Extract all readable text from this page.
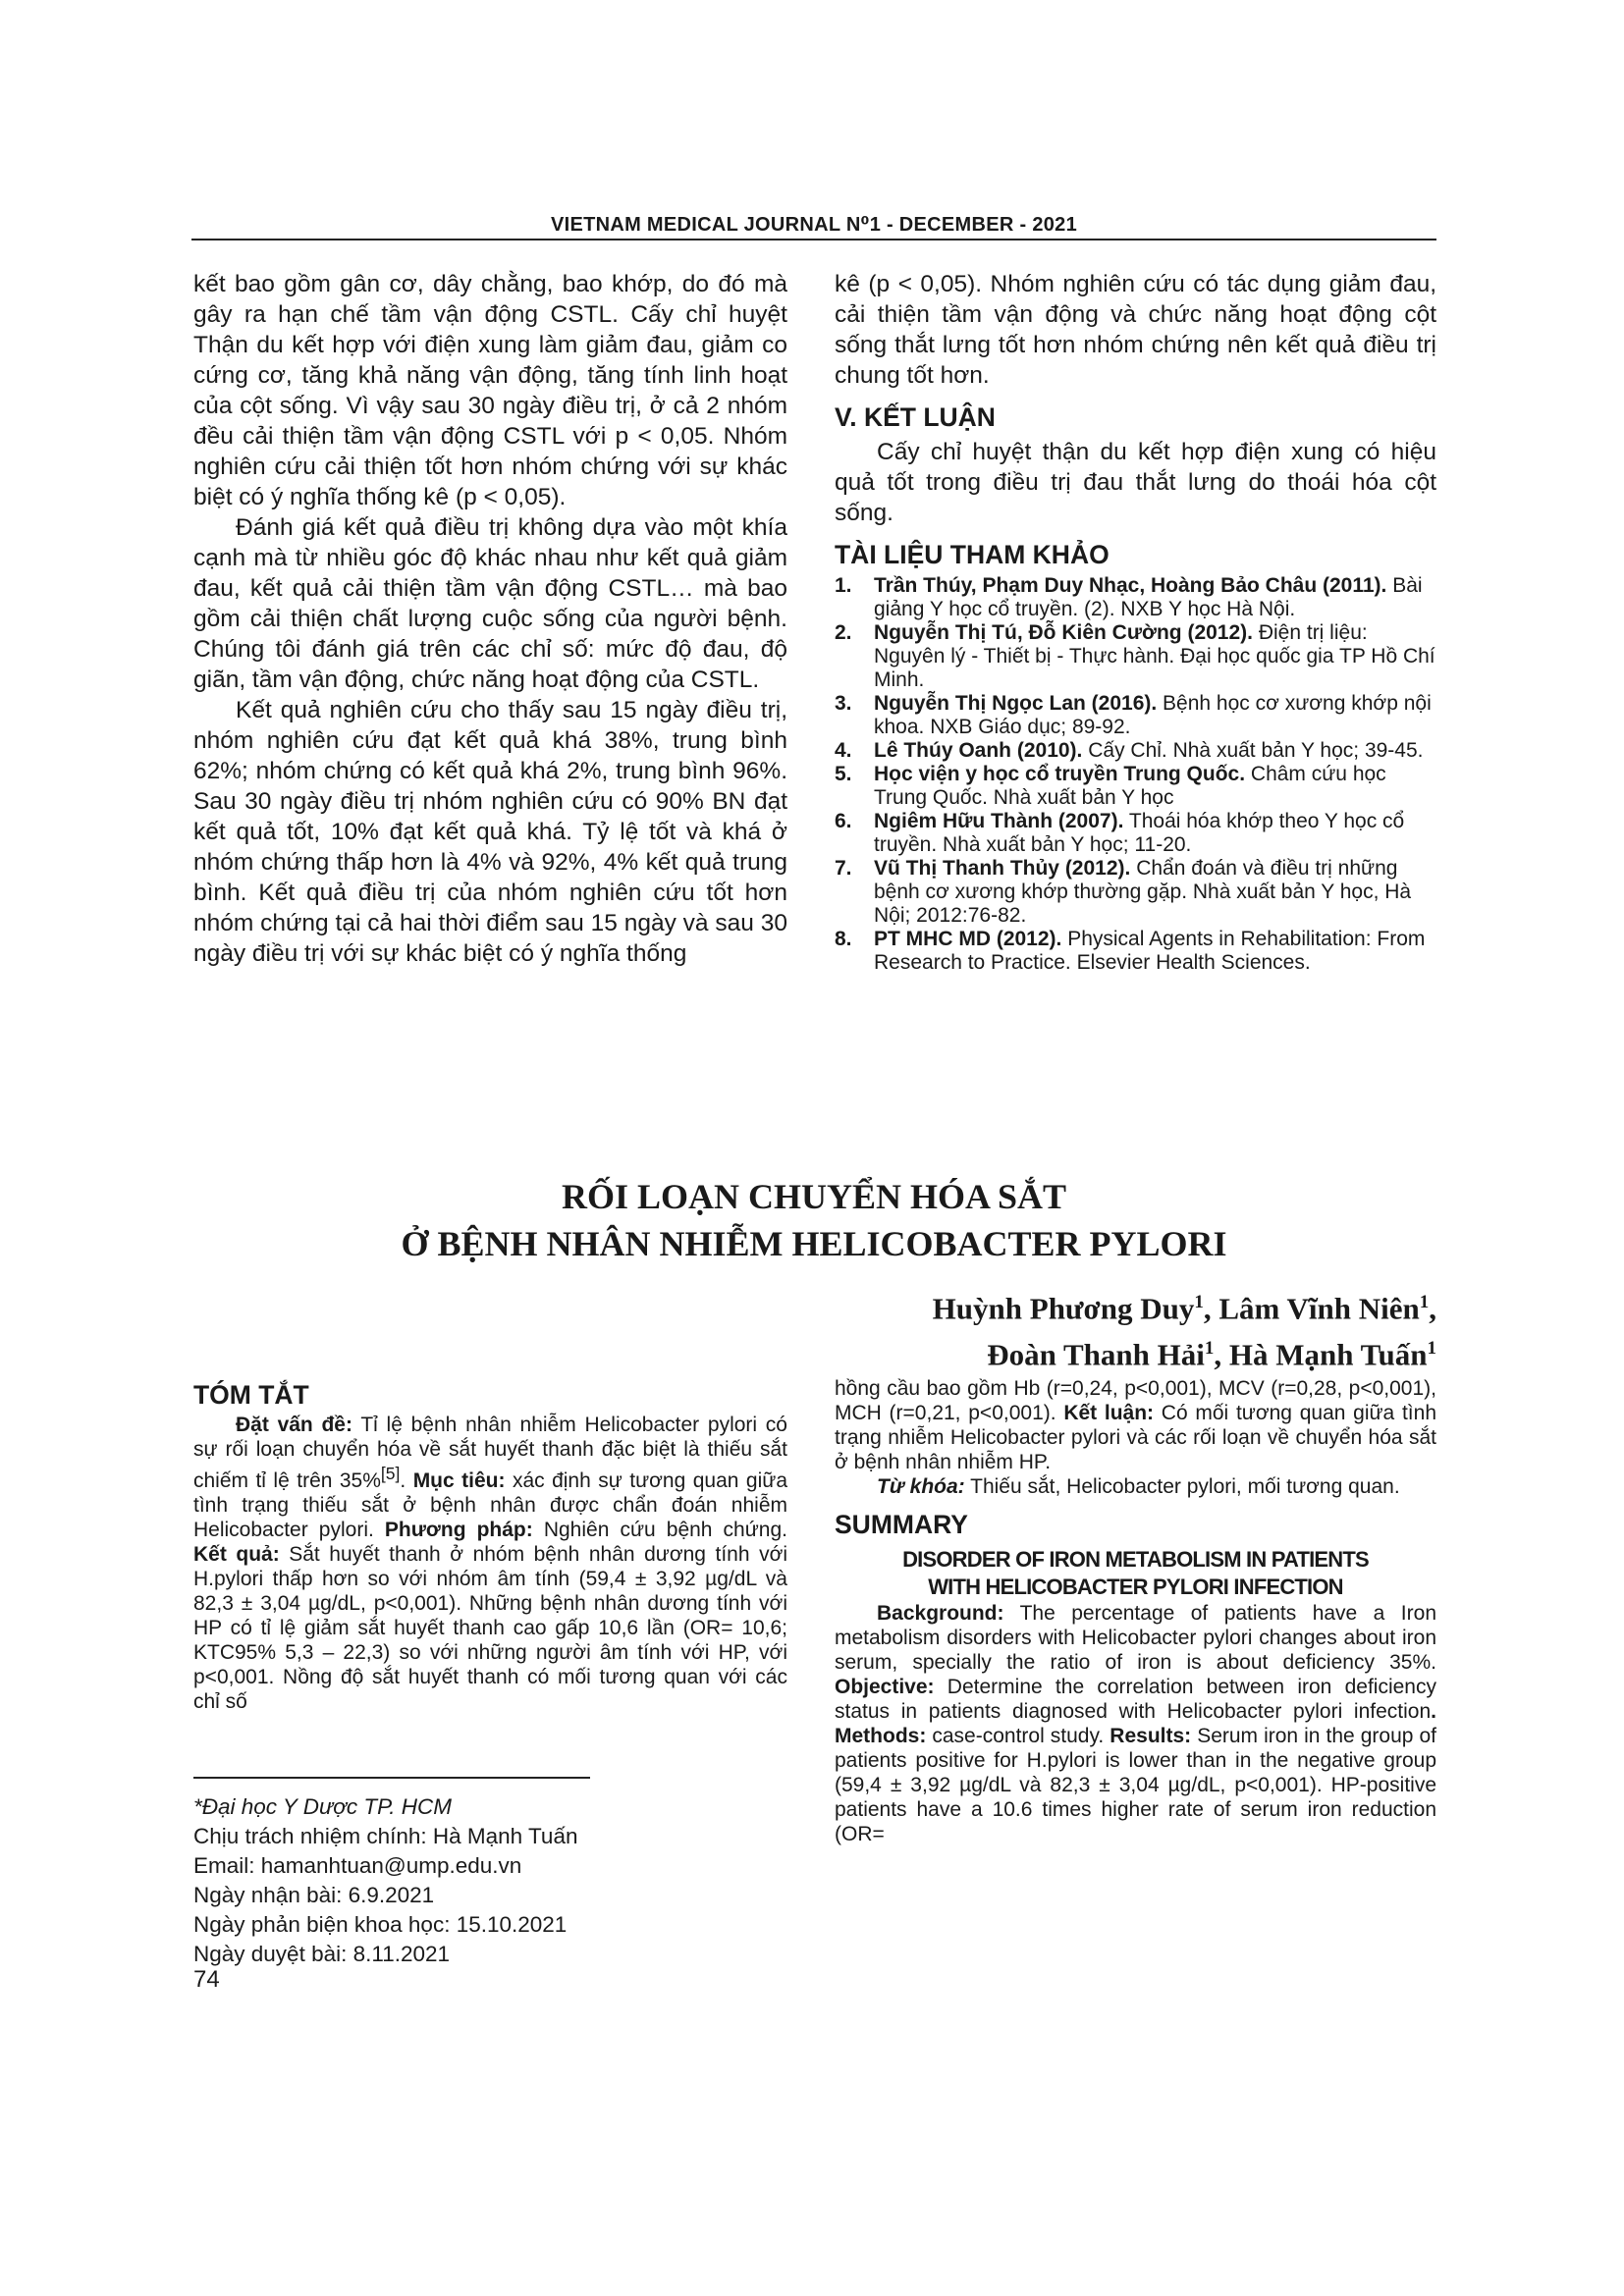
VIETNAM MEDICAL JOURNAL N⁰1 - DECEMBER - 2021

kết bao gồm gân cơ, dây chằng, bao khớp, do đó mà gây ra hạn chế tầm vận động CSTL. Cấy chỉ huyệt Thận du kết hợp với điện xung làm giảm đau, giảm co cứng cơ, tăng khả năng vận động, tăng tính linh hoạt của cột sống. Vì vậy sau 30 ngày điều trị, ở cả 2 nhóm đều cải thiện tầm vận động CSTL với p < 0,05. Nhóm nghiên cứu cải thiện tốt hơn nhóm chứng với sự khác biệt có ý nghĩa thống kê (p < 0,05).

Đánh giá kết quả điều trị không dựa vào một khía cạnh mà từ nhiều góc độ khác nhau như kết quả giảm đau, kết quả cải thiện tầm vận động CSTL… mà bao gồm cải thiện chất lượng cuộc sống của người bệnh. Chúng tôi đánh giá trên các chỉ số: mức độ đau, độ giãn, tầm vận động, chức năng hoạt động của CSTL.

Kết quả nghiên cứu cho thấy sau 15 ngày điều trị, nhóm nghiên cứu đạt kết quả khá 38%, trung bình 62%; nhóm chứng có kết quả khá 2%, trung bình 96%. Sau 30 ngày điều trị nhóm nghiên cứu có 90% BN đạt kết quả tốt, 10% đạt kết quả khá. Tỷ lệ tốt và khá ở nhóm chứng thấp hơn là 4% và 92%, 4% kết quả trung bình. Kết quả điều trị của nhóm nghiên cứu tốt hơn nhóm chứng tại cả hai thời điểm sau 15 ngày và sau 30 ngày điều trị với sự khác biệt có ý nghĩa thống

kê (p < 0,05). Nhóm nghiên cứu có tác dụng giảm đau, cải thiện tầm vận động và chức năng hoạt động cột sống thắt lưng tốt hơn nhóm chứng nên kết quả điều trị chung tốt hơn.

V. KẾT LUẬN

Cấy chỉ huyệt thận du kết hợp điện xung có hiệu quả tốt trong điều trị đau thắt lưng do thoái hóa cột sống.

TÀI LIỆU THAM KHẢO

1. Trần Thúy, Phạm Duy Nhạc, Hoàng Bảo Châu (2011). Bài giảng Y học cổ truyền. (2). NXB Y học Hà Nội.
2. Nguyễn Thị Tú, Đỗ Kiên Cường (2012). Điện trị liệu: Nguyên lý - Thiết bị - Thực hành. Đại học quốc gia TP Hồ Chí Minh.
3. Nguyễn Thị Ngọc Lan (2016). Bệnh học cơ xương khớp nội khoa. NXB Giáo dục; 89-92.
4. Lê Thúy Oanh (2010). Cấy Chỉ. Nhà xuất bản Y học; 39-45.
5. Học viện y học cổ truyền Trung Quốc. Châm cứu học Trung Quốc. Nhà xuất bản Y học
6. Ngiêm Hữu Thành (2007). Thoái hóa khớp theo Y học cổ truyền. Nhà xuất bản Y học; 11-20.
7. Vũ Thị Thanh Thủy (2012). Chẩn đoán và điều trị những bệnh cơ xương khớp thường gặp. Nhà xuất bản Y học, Hà Nội; 2012:76-82.
8. PT MHC MD (2012). Physical Agents in Rehabilitation: From Research to Practice. Elsevier Health Sciences.
RỐI LOẠN CHUYỂN HÓA SẮT
Ở BỆNH NHÂN NHIỄM HELICOBACTER PYLORI
Huỳnh Phương Duy$^1$, Lâm Vĩnh Niên$^1$,
Đoàn Thanh Hải$^1$, Hà Mạnh Tuấn$^1$

TÓM TẮT

Đặt vấn đề: Tỉ lệ bệnh nhân nhiễm Helicobacter pylori có sự rối loạn chuyển hóa về sắt huyết thanh đặc biệt là thiếu sắt chiếm tỉ lệ trên 35%[5]. Mục tiêu: xác định sự tương quan giữa tình trạng thiếu sắt ở bệnh nhân được chẩn đoán nhiễm Helicobacter pylori. Phương pháp: Nghiên cứu bệnh chứng. Kết quả: Sắt huyết thanh ở nhóm bệnh nhân dương tính với H.pylori thấp hơn so với nhóm âm tính (59,4 ± 3,92 µg/dL và 82,3 ± 3,04 µg/dL, p<0,001). Những bệnh nhân dương tính với HP có tỉ lệ giảm sắt huyết thanh cao gấp 10,6 lần (OR= 10,6; KTC95% 5,3 – 22,3) so với những người âm tính với HP, với p<0,001. Nồng độ sắt huyết thanh có mối tương quan với các chỉ số

*Đại học Y Dược TP. HCM

Chịu trách nhiệm chính: Hà Mạnh Tuấn

Email: hamanhtuan@ump.edu.vn

Ngày nhận bài: 6.9.2021

Ngày phản biện khoa học: 15.10.2021

Ngày duyệt bài: 8.11.2021

hồng cầu bao gồm Hb (r=0,24, p<0,001), MCV (r=0,28, p<0,001), MCH (r=0,21, p<0,001). Kết luận: Có mối tương quan giữa tình trạng nhiễm Helicobacter pylori và các rối loạn về chuyển hóa sắt ở bệnh nhân nhiễm HP.

Từ khóa: Thiếu sắt, Helicobacter pylori, mối tương quan.

SUMMARY

DISORDER OF IRON METABOLISM IN PATIENTS
WITH HELICOBACTER PYLORI INFECTION

Background: The percentage of patients have a Iron metabolism disorders with Helicobacter pylori changes about iron serum, specially the ratio of iron is about deficiency 35%. Objective: Determine the correlation between iron deficiency status in patients diagnosed with Helicobacter pylori infection. Methods: case-control study. Results: Serum iron in the group of patients positive for H.pylori is lower than in the negative group (59,4 ± 3,92 µg/dL và 82,3 ± 3,04 µg/dL, p<0,001). HP-positive patients have a 10.6 times higher rate of serum iron reduction (OR=

74
